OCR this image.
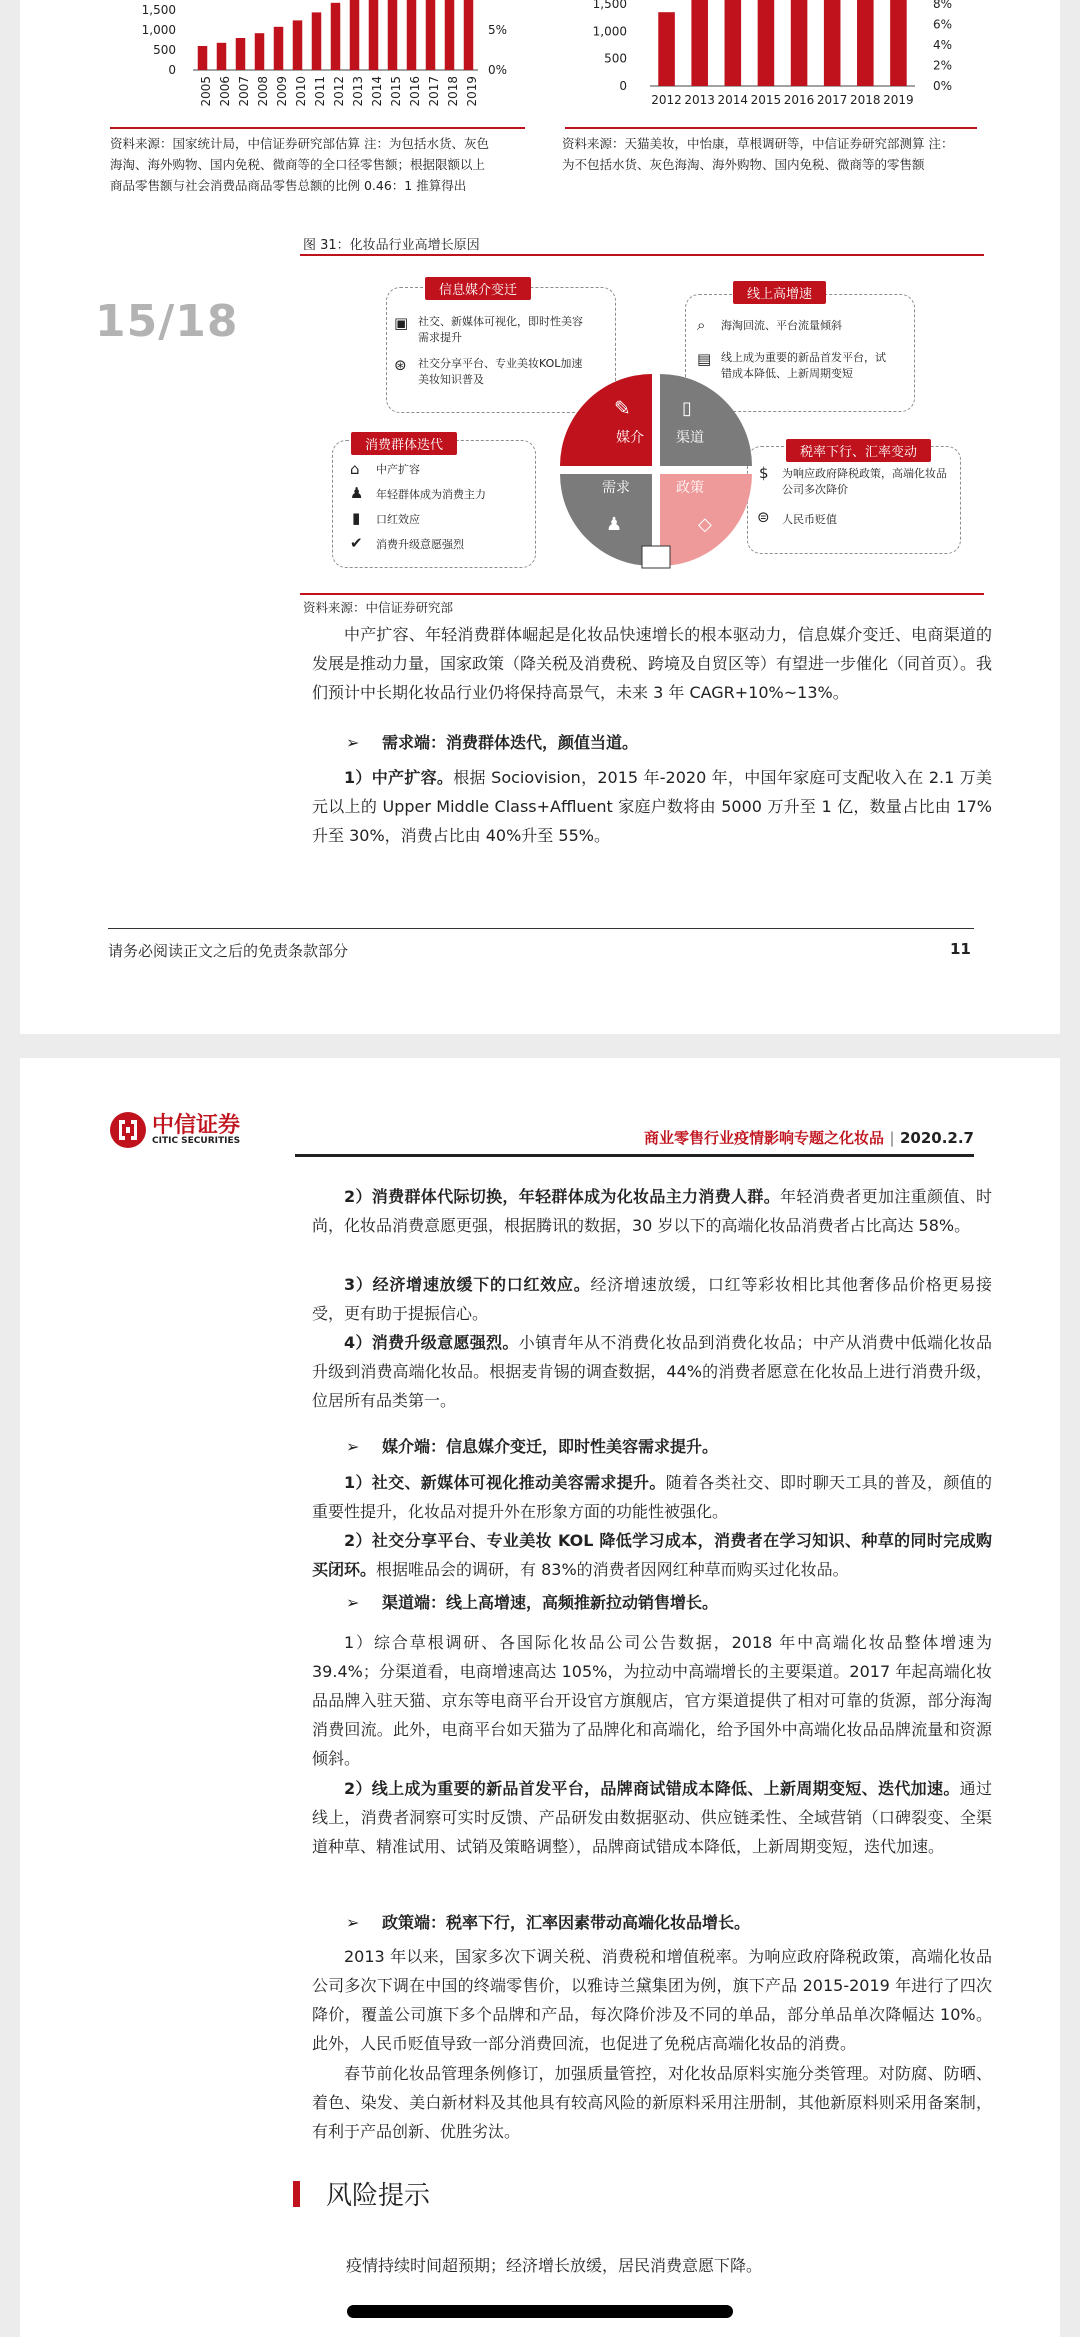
1,500
1,000
500
0
5%
0%
2005 2006 2007 2008 2009 2010 2011 2012 2013 2014 2015 2016 2017 2018 2019
1,500
1,000
500
0
8%
6%
4%
2%
0%
2012 2013 2014 2015 2016 2017 2018 2019
资料来源：国家统计局，中信证券研究部估算 注：为包括水货、灰色
海淘、海外购物、国内免税、微商等的全口径零售额；根据限额以上
商品零售额与社会消费品商品零售总额的比例 0.46：1 推算得出
资料来源：天猫美妆，中怡康，草根调研等，中信证券研究部测算 注：
为不包括水货、灰色海淘、海外购物、国内免税、微商等的零售额
15/18
图 31：化妆品行业高增长原因
信息媒介变迁
▣ 社交、新媒体可视化，即时性美容需求提升
⊛ 社交分享平台、专业美妆KOL加速美妆知识普及
线上高增速
⌕ 海淘回流、平台流量倾斜
▤ 线上成为重要的新品首发平台，试错成本降低、上新周期变短
消费群体迭代
⌂ 中产扩容
♟ 年轻群体成为消费主力
▮ 口红效应
✔ 消费升级意愿强烈
税率下行、汇率变动
$ 为响应政府降税政策，高端化妆品公司多次降价
⊜ 人民币贬值
媒介 渠道
需求	政策
✎	▯
♟	◇
资料来源：中信证券研究部
中产扩容、年轻消费群体崛起是化妆品快速增长的根本驱动力，信息媒介变迁、电商渠道的发展是推动力量，国家政策（降关税及消费税、跨境及自贸区等）有望进一步催化（同首页）。我们预计中长期化妆品行业仍将保持高景气，未来 3 年 CAGR+10%~13%。
➢ 需求端：消费群体迭代，颜值当道。
1）中产扩容。根据 Sociovision，2015 年-2020 年，中国年家庭可支配收入在 2.1 万美元以上的 Upper Middle Class+Affluent 家庭户数将由 5000 万升至 1 亿，数量占比由 17%升至 30%，消费占比由 40%升至 55%。
请务必阅读正文之后的免责条款部分	11
中信证券
CITIC SECURITIES	商业零售行业疫情影响专题之化妆品 | 2020.2.7
2）消费群体代际切换，年轻群体成为化妆品主力消费人群。年轻消费者更加注重颜值、时尚，化妆品消费意愿更强，根据腾讯的数据，30 岁以下的高端化妆品消费者占比高达 58%。
3）经济增速放缓下的口红效应。经济增速放缓，口红等彩妆相比其他奢侈品价格更易接受，更有助于提振信心。
4）消费升级意愿强烈。小镇青年从不消费化妆品到消费化妆品；中产从消费中低端化妆品升级到消费高端化妆品。根据麦肯锡的调查数据，44%的消费者愿意在化妆品上进行消费升级，位居所有品类第一。
➢ 媒介端：信息媒介变迁，即时性美容需求提升。
1）社交、新媒体可视化推动美容需求提升。随着各类社交、即时聊天工具的普及，颜值的重要性提升，化妆品对提升外在形象方面的功能性被强化。
2）社交分享平台、专业美妆 KOL 降低学习成本，消费者在学习知识、种草的同时完成购买闭环。根据唯品会的调研，有 83%的消费者因网红种草而购买过化妆品。
➢ 渠道端：线上高增速，高频推新拉动销售增长。
1）综合草根调研、各国际化妆品公司公告数据，2018 年中高端化妆品整体增速为 39.4%；分渠道看，电商增速高达 105%，为拉动中高端增长的主要渠道。2017 年起高端化妆品品牌入驻天猫、京东等电商平台开设官方旗舰店，官方渠道提供了相对可靠的货源，部分海淘消费回流。此外，电商平台如天猫为了品牌化和高端化，给予国外中高端化妆品品牌流量和资源倾斜。
2）线上成为重要的新品首发平台，品牌商试错成本降低、上新周期变短、迭代加速。通过线上，消费者洞察可实时反馈、产品研发由数据驱动、供应链柔性、全域营销（口碑裂变、全渠道种草、精准试用、试销及策略调整），品牌商试错成本降低，上新周期变短，迭代加速。
➢ 政策端：税率下行，汇率因素带动高端化妆品增长。
2013 年以来，国家多次下调关税、消费税和增值税率。为响应政府降税政策，高端化妆品公司多次下调在中国的终端零售价，以雅诗兰黛集团为例，旗下产品 2015-2019 年进行了四次降价，覆盖公司旗下多个品牌和产品，每次降价涉及不同的单品，部分单品单次降幅达 10%。此外，人民币贬值导致一部分消费回流，也促进了免税店高端化妆品的消费。
春节前化妆品管理条例修订，加强质量管控，对化妆品原料实施分类管理。对防腐、防晒、着色、染发、美白新材料及其他具有较高风险的新原料采用注册制，其他新原料则采用备案制，有利于产品创新、优胜劣汰。
风险提示
疫情持续时间超预期；经济增长放缓，居民消费意愿下降。
